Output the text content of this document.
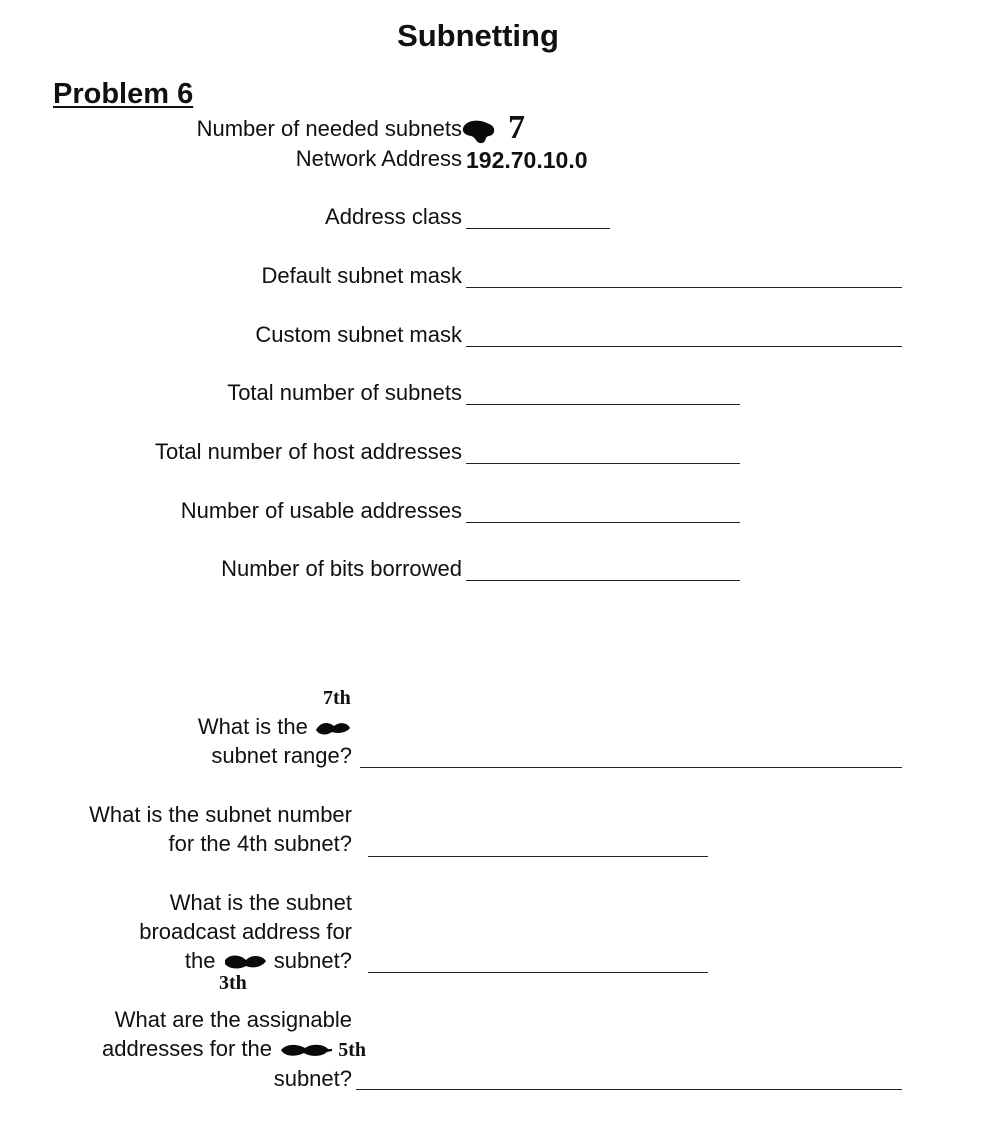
Subnetting
Problem 6
Number of needed subnets 7
Network Address 192.70.10.0
Address class
Default subnet mask
Custom subnet mask
Total number of subnets
Total number of host addresses
Number of usable addresses
Number of bits borrowed
7th
What is the
subnet range?
What is the subnet number
for the 4th subnet?
What is the subnet
broadcast address for
the	subnet?
3th
What are the assignable
addresses for the	5th
subnet?
